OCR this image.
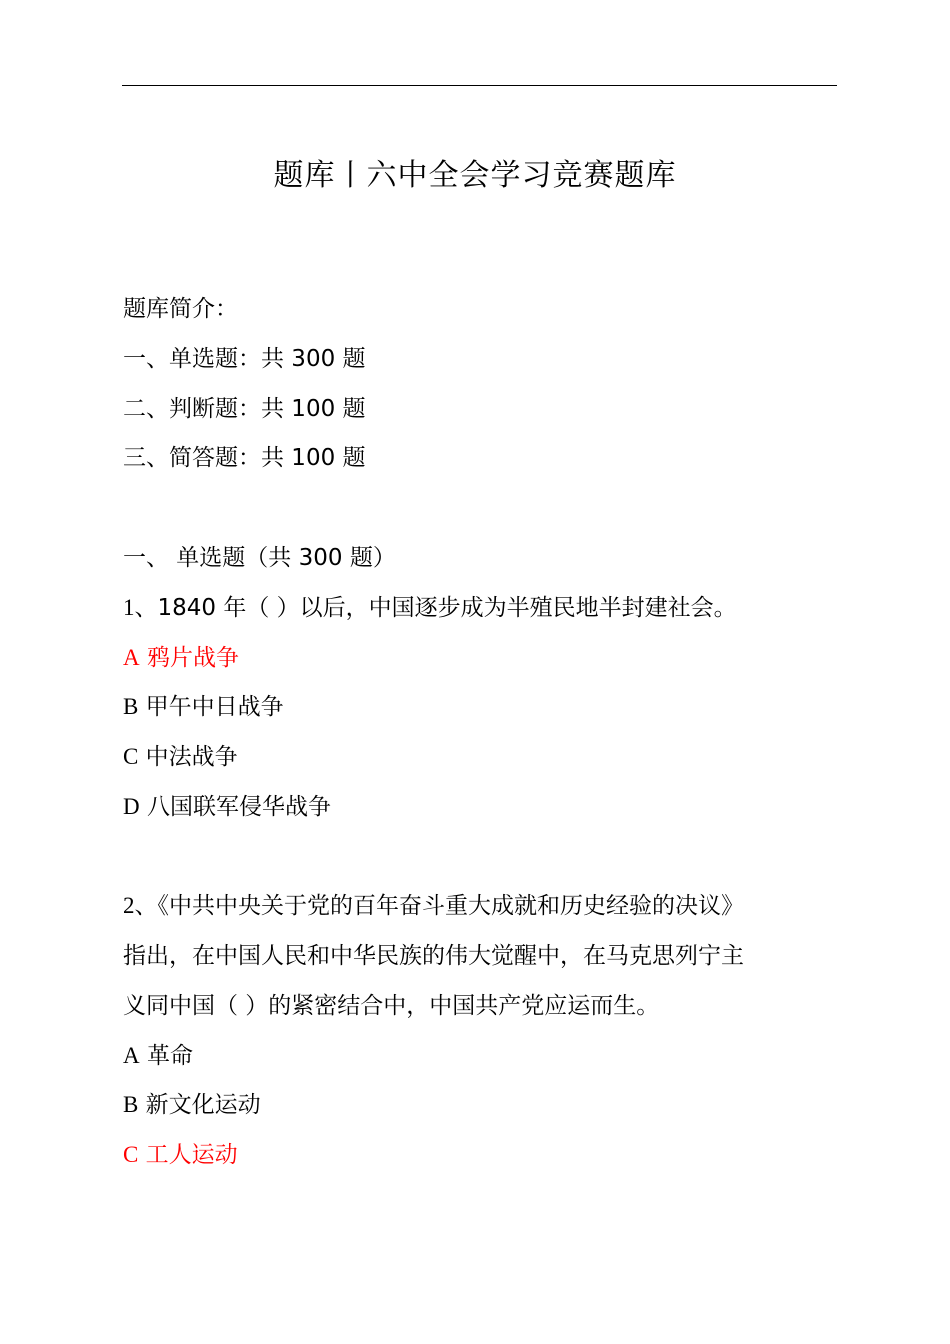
题库丨六中全会学习竞赛题库
题库简介：
一、单选题：共 300 题
二、判断题：共 100 题
三、简答题：共 100 题
一、 单选题（共 300 题）
1、1840 年（ ）以后，中国逐步成为半殖民地半封建社会。
A 鸦片战争
B 甲午中日战争
C 中法战争
D 八国联军侵华战争
2、《中共中央关于党的百年奋斗重大成就和历史经验的决议》
指出，在中国人民和中华民族的伟大觉醒中，在马克思列宁主
义同中国（ ）的紧密结合中，中国共产党应运而生。
A 革命
B 新文化运动
C 工人运动
